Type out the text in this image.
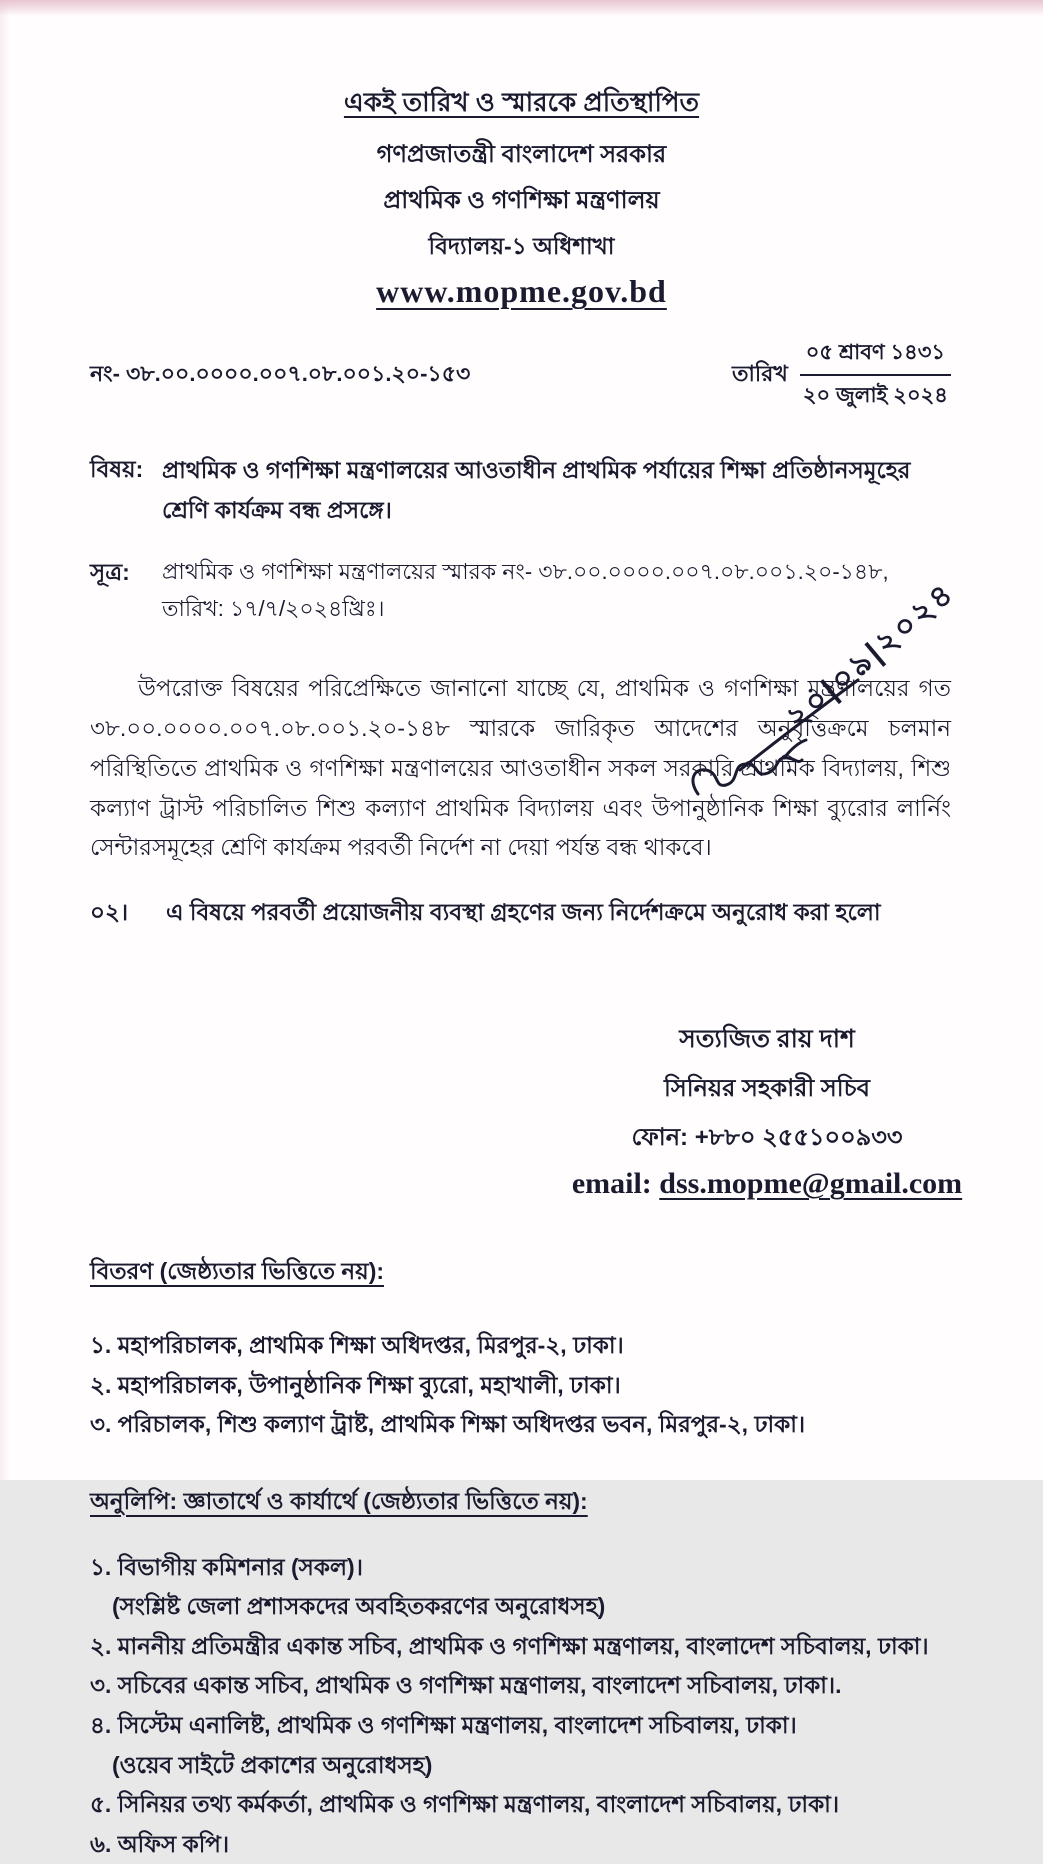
একই তারিখ ও স্মারকে প্রতিস্থাপিত
গণপ্রজাতন্ত্রী বাংলাদেশ সরকার
প্রাথমিক ও গণশিক্ষা মন্ত্রণালয়
বিদ্যালয়-১ অধিশাখা
www.mopme.gov.bd
নং- ৩৮.০০.০০০০.০০৭.০৮.০০১.২০-১৫৩	তারিখ $\frac{\text{০৫ শ্রাবণ ১৪৩১}}{\text{২০ জুলাই ২০২৪}}$
বিষয়: প্রাথমিক ও গণশিক্ষা মন্ত্রণালয়ের আওতাধীন প্রাথমিক পর্যায়ের শিক্ষা প্রতিষ্ঠানসমূহের শ্রেণি কার্যক্রম বন্ধ প্রসঙ্গে।
সূত্র:	প্রাথমিক ও গণশিক্ষা মন্ত্রণালয়ের স্মারক নং- ৩৮.০০.০০০০.০০৭.০৮.০০১.২০-১৪৮, তারিখ: ১৭/৭/২০২৪খ্রিঃ।
উপরোক্ত বিষয়ের পরিপ্রেক্ষিতে জানানো যাচ্ছে যে, প্রাথমিক ও গণশিক্ষা মন্ত্রণালয়ের গত ৩৮.০০.০০০০.০০৭.০৮.০০১.২০-১৪৮ স্মারকে জারিকৃত আদেশের অনুবৃত্তিক্রমে চলমান পরিস্থিতিতে প্রাথমিক ও গণশিক্ষা মন্ত্রণালয়ের আওতাধীন সকল সরকারি প্রাথমিক বিদ্যালয়, শিশু কল্যাণ ট্রাস্ট পরিচালিত শিশু কল্যাণ প্রাথমিক বিদ্যালয় এবং উপানুষ্ঠানিক শিক্ষা ব্যুরোর লার্নিং সেন্টারসমূহের শ্রেণি কার্যক্রম পরবর্তী নির্দেশ না দেয়া পর্যন্ত বন্ধ থাকবে।
০২।	এ বিষয়ে পরবর্তী প্রয়োজনীয় ব্যবস্থা গ্রহণের জন্য নির্দেশক্রমে অনুরোধ করা হলো
২০|০৯|২০২৪
সত্যজিত রায় দাশ
সিনিয়র সহকারী সচিব
ফোন: +৮৮০ ২৫৫১০০৯৩৩
email: dss.mopme@gmail.com
বিতরণ (জেষ্ঠ্যতার ভিত্তিতে নয়):
১. মহাপরিচালক, প্রাথমিক শিক্ষা অধিদপ্তর, মিরপুর-২, ঢাকা।
২. মহাপরিচালক, উপানুষ্ঠানিক শিক্ষা ব্যুরো, মহাখালী, ঢাকা।
৩. পরিচালক, শিশু কল্যাণ ট্রাষ্ট, প্রাথমিক শিক্ষা অধিদপ্তর ভবন, মিরপুর-২, ঢাকা।
অনুলিপি: জ্ঞাতার্থে ও কার্যার্থে (জেষ্ঠ্যতার ভিত্তিতে নয়):
১. বিভাগীয় কমিশনার (সকল)।
(সংশ্লিষ্ট জেলা প্রশাসকদের অবহিতকরণের অনুরোধসহ)
২. মাননীয় প্রতিমন্ত্রীর একান্ত সচিব, প্রাথমিক ও গণশিক্ষা মন্ত্রণালয়, বাংলাদেশ সচিবালয়, ঢাকা।
৩. সচিবের একান্ত সচিব, প্রাথমিক ও গণশিক্ষা মন্ত্রণালয়, বাংলাদেশ সচিবালয়, ঢাকা।.
৪. সিস্টেম এনালিষ্ট, প্রাথমিক ও গণশিক্ষা মন্ত্রণালয়, বাংলাদেশ সচিবালয়, ঢাকা।
(ওয়েব সাইটে প্রকাশের অনুরোধসহ)
৫. সিনিয়র তথ্য কর্মকর্তা, প্রাথমিক ও গণশিক্ষা মন্ত্রণালয়, বাংলাদেশ সচিবালয়, ঢাকা।
৬. অফিস কপি।
